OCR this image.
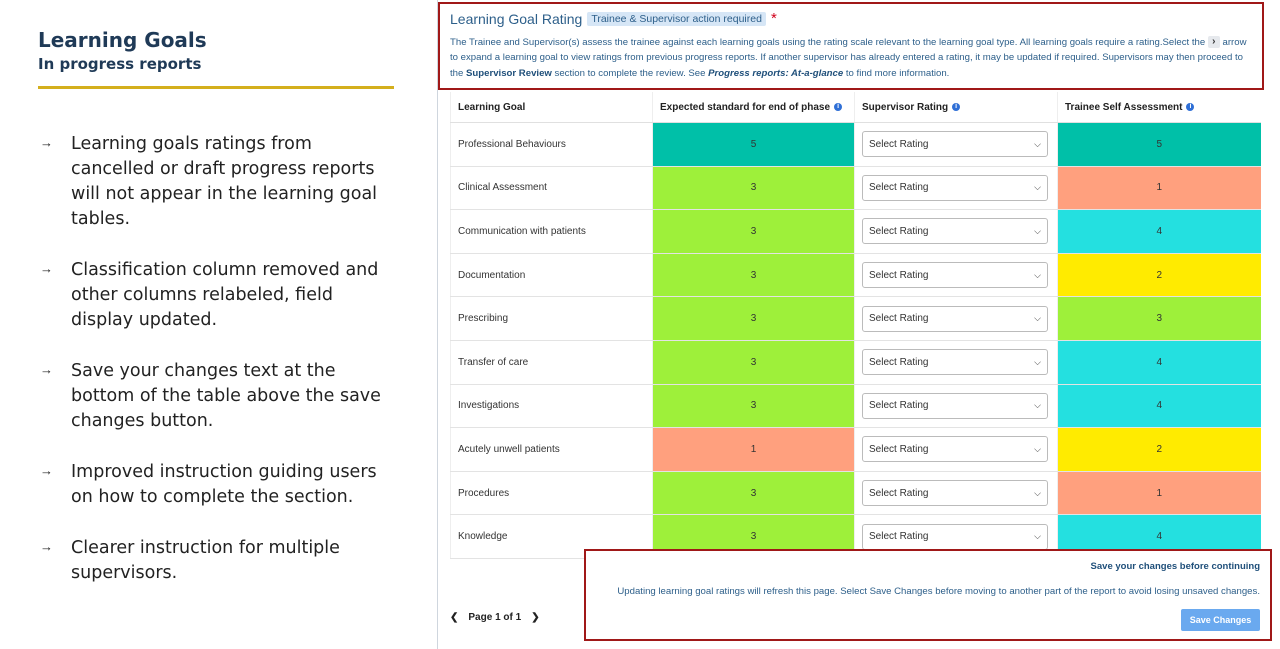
Learning Goals
In progress reports
→	Learning goals ratings from cancelled or draft progress reports will not appear in the learning goal tables.
→	Classification column removed and other columns relabeled, field display updated.
→	Save your changes text at the bottom of the table above the save changes button.
→	Improved instruction guiding users on how to complete the section.
→	Clearer instruction for multiple supervisors.
Learning Goal Rating Trainee & Supervisor action required *
The Trainee and Supervisor(s) assess the trainee against each learning goals using the rating scale relevant to the learning goal type. All learning goals require a rating.Select the › arrow to expand a learning goal to view ratings from previous progress reports. If another supervisor has already entered a rating, it may be updated if required. Supervisors may then proceed to the Supervisor Review section to complete the review. See Progress reports: At-a-glance to find more information.
Learning Goal	Expected standard for end of phase i	Supervisor Rating i	Trainee Self Assessment i
Professional Behaviours	5	Select Rating ⌵	5
Clinical Assessment	3	Select Rating ⌵	1
Communication with patients	3	Select Rating ⌵	4
Documentation	3	Select Rating ⌵	2
Prescribing	3	Select Rating ⌵	3
Transfer of care	3	Select Rating ⌵	4
Investigations	3	Select Rating ⌵	4
Acutely unwell patients	1	Select Rating ⌵	2
Procedures	3	Select Rating ⌵	1
Knowledge	3	Select Rating ⌵	4
❮ Page 1 of 1 ❯
Save your changes before continuing
Updating learning goal ratings will refresh this page. Select Save Changes before moving to another part of the report to avoid losing unsaved changes.
Save Changes
